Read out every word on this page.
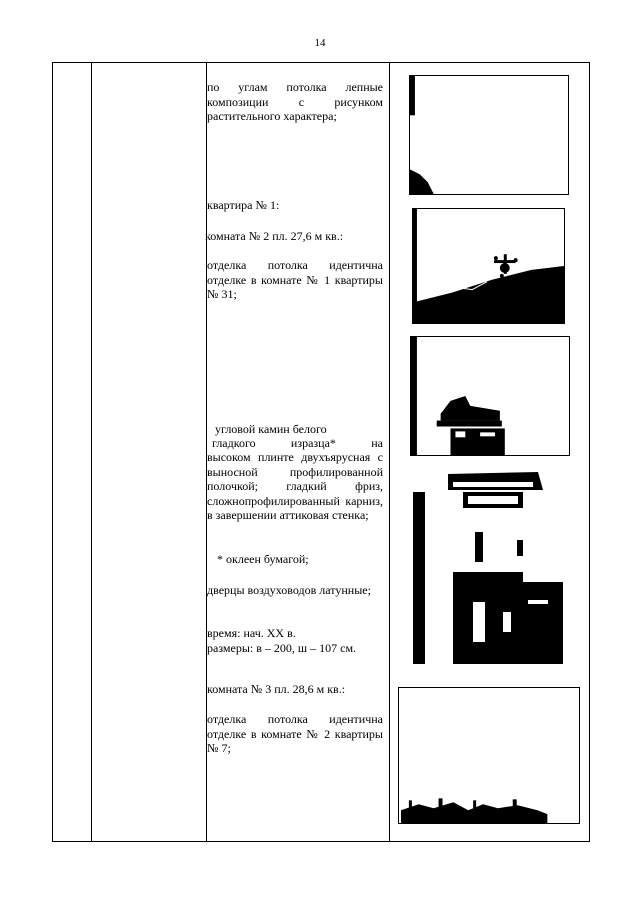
14

по углам потолка лепные композиции с рисунком растительного характера;

квартира № 1:

комната № 2 пл. 27,6 м кв.:

отделка потолка идентична отделке в комнате № 1 квартиры № 31;

угловой камин белого

гладкого изразца* на

высоком плинте двухъярусная с выносной профилированной полочкой; гладкий фриз, сложнопрофилированный карниз, в завершении аттиковая стенка;

* оклеен бумагой;

дверцы воздуховодов латунные;

время: нач. XX в.

размеры: в – 200, ш – 107 см.

комната № 3 пл. 28,6 м кв.:

отделка потолка идентична отделке в комнате № 2 квартиры № 7;
